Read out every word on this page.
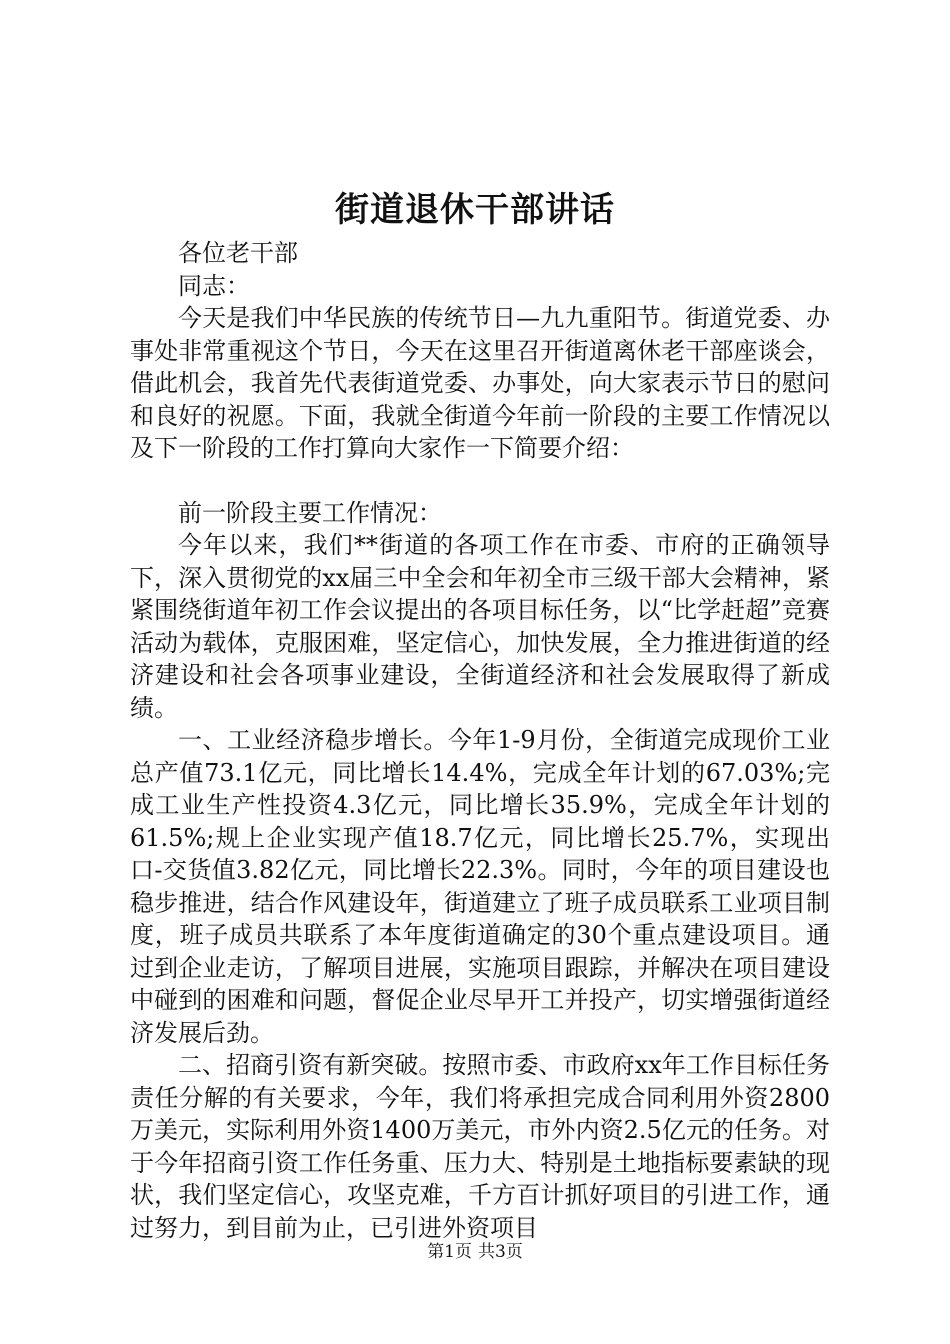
街道退休干部讲话

各位老干部

同志：

今天是我们中华民族的传统节日—九九重阳节。街道党委、办事处非常重视这个节日，今天在这里召开街道离休老干部座谈会，借此机会，我首先代表街道党委、办事处，向大家表示节日的慰问和良好的祝愿。下面，我就全街道今年前一阶段的主要工作情况以及下一阶段的工作打算向大家作一下简要介绍：

前一阶段主要工作情况：

今年以来，我们**街道的各项工作在市委、市府的正确领导下，深入贯彻党的xx届三中全会和年初全市三级干部大会精神，紧紧围绕街道年初工作会议提出的各项目标任务，以“比学赶超”竞赛活动为载体，克服困难，坚定信心，加快发展，全力推进街道的经济建设和社会各项事业建设，全街道经济和社会发展取得了新成绩。

一、工业经济稳步增长。今年1-9月份，全街道完成现价工业总产值73.1亿元，同比增长14.4%，完成全年计划的67.03%;完成工业生产性投资4.3亿元，同比增长35.9%，完成全年计划的61.5%;规上企业实现产值18.7亿元，同比增长25.7%，实现出口-交货值3.82亿元，同比增长22.3%。同时，今年的项目建设也稳步推进，结合作风建设年，街道建立了班子成员联系工业项目制度，班子成员共联系了本年度街道确定的30个重点建设项目。通过到企业走访，了解项目进展，实施项目跟踪，并解决在项目建设中碰到的困难和问题，督促企业尽早开工并投产，切实增强街道经济发展后劲。

二、招商引资有新突破。按照市委、市政府xx年工作目标任务责任分解的有关要求，今年，我们将承担完成合同利用外资2800万美元，实际利用外资1400万美元，市外内资2.5亿元的任务。对于今年招商引资工作任务重、压力大、特别是土地指标要素缺的现状，我们坚定信心，攻坚克难，千方百计抓好项目的引进工作，通过努力，到目前为止，已引进外资项目

第1页 共3页
